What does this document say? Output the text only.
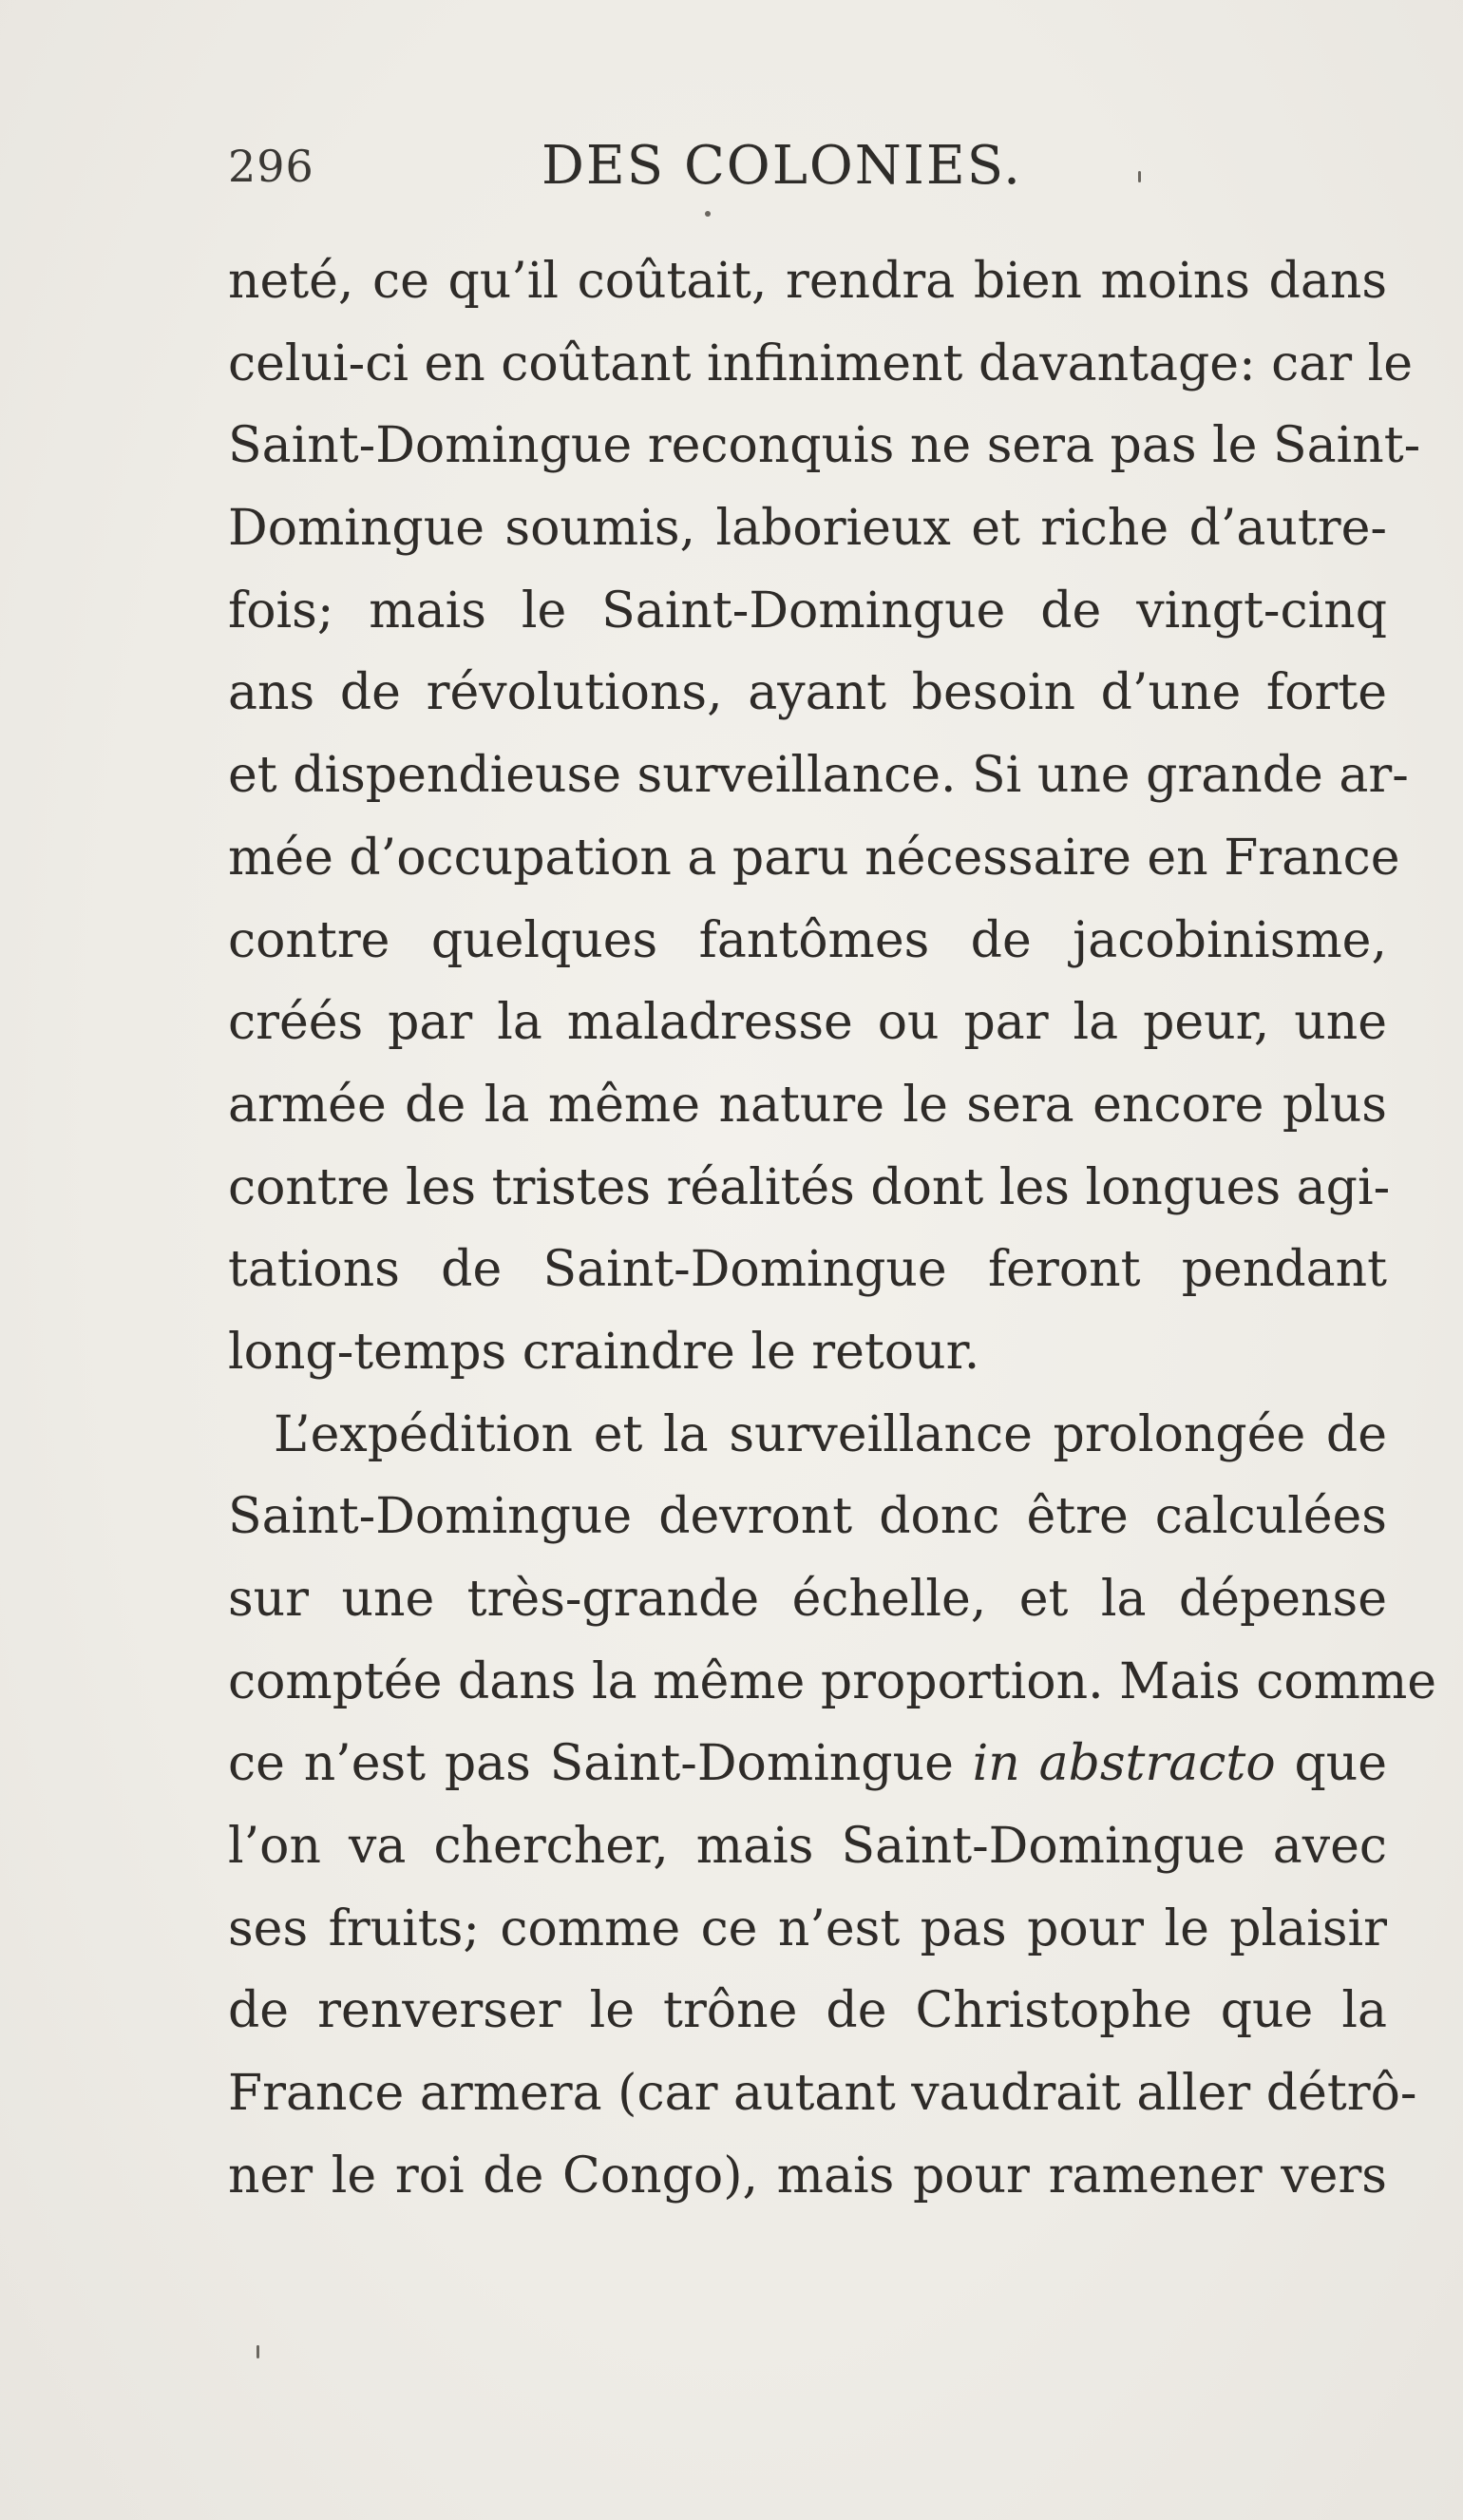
296	DES COLONIES.
neté, ce qu’il coûtait, rendra bien moins dans
celui-ci en coûtant infiniment davantage: car le
Saint-Domingue reconquis ne sera pas le Saint-
Domingue soumis, laborieux et riche d’autre-
fois; mais le Saint-Domingue de vingt-cinq
ans de révolutions, ayant besoin d’une forte
et dispendieuse surveillance. Si une grande ar-
mée d’occupation a paru nécessaire en France
contre quelques fantômes de jacobinisme,
créés par la maladresse ou par la peur, une
armée de la même nature le sera encore plus
contre les tristes réalités dont les longues agi-
tations de Saint-Domingue feront pendant
long-temps craindre le retour.
L’expédition et la surveillance prolongée de
Saint-Domingue devront donc être calculées
sur une très-grande échelle, et la dépense
comptée dans la même proportion. Mais comme
ce n’est pas Saint-Domingue in abstracto que
l’on va chercher, mais Saint-Domingue avec
ses fruits; comme ce n’est pas pour le plaisir
de renverser le trône de Christophe que la
France armera (car autant vaudrait aller détrô-
ner le roi de Congo), mais pour ramener vers
